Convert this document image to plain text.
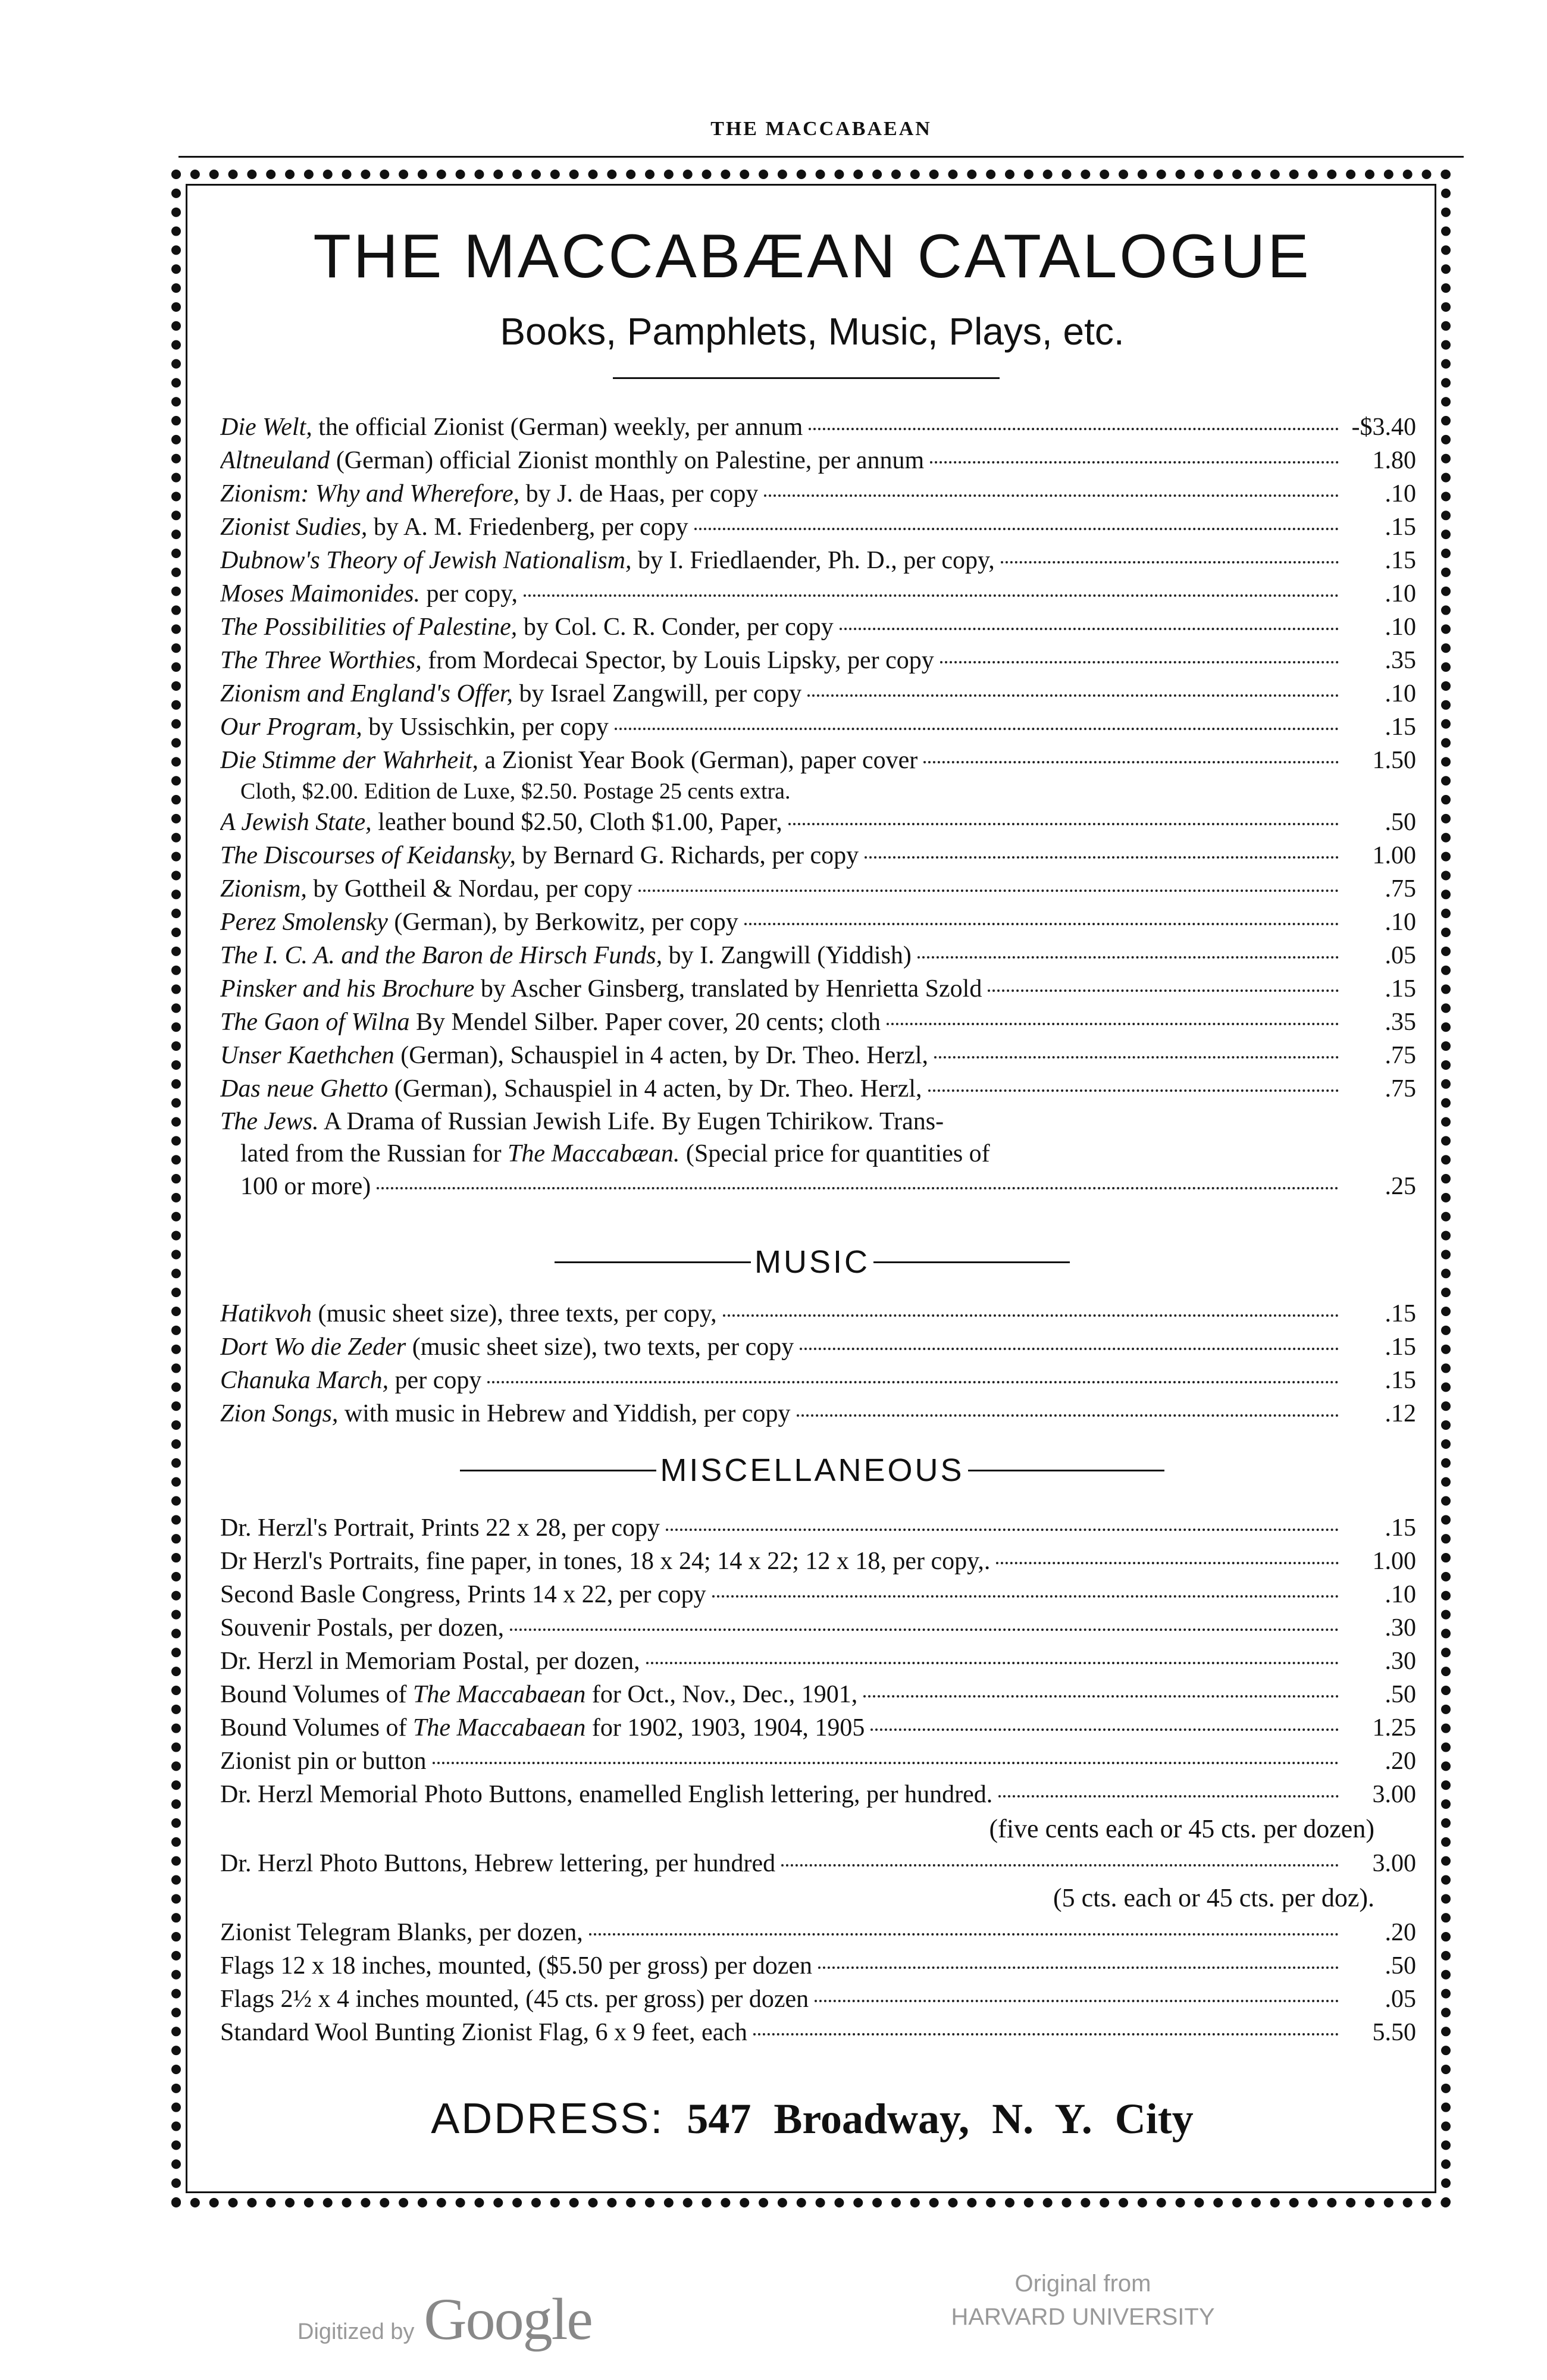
THE MACCABAEAN
THE MACCABÆAN CATALOGUE
Books, Pamphlets, Music, Plays, etc.
Die Welt, the official Zionist (German) weekly, per annum	-$3.40
Altneuland (German) official Zionist monthly on Palestine, per annum	1.80
Zionism: Why and Wherefore, by J. de Haas, per copy	.10
Zionist Sudies, by A. M. Friedenberg, per copy	.15
Dubnow's Theory of Jewish Nationalism, by I. Friedlaender, Ph. D., per copy,	.15
Moses Maimonides. per copy,	.10
The Possibilities of Palestine, by Col. C. R. Conder, per copy	.10
The Three Worthies, from Mordecai Spector, by Louis Lipsky, per copy	.35
Zionism and England's Offer, by Israel Zangwill, per copy	.10
Our Program, by Ussischkin, per copy	.15
Die Stimme der Wahrheit, a Zionist Year Book (German), paper cover	1.50
Cloth, $2.00. Edition de Luxe, $2.50. Postage 25 cents extra.
A Jewish State, leather bound $2.50, Cloth $1.00, Paper,	.50
The Discourses of Keidansky, by Bernard G. Richards, per copy	1.00
Zionism, by Gottheil & Nordau, per copy	.75
Perez Smolensky (German), by Berkowitz, per copy	.10
The I. C. A. and the Baron de Hirsch Funds, by I. Zangwill (Yiddish)	.05
Pinsker and his Brochure by Ascher Ginsberg, translated by Henrietta Szold	.15
The Gaon of Wilna By Mendel Silber. Paper cover, 20 cents; cloth	.35
Unser Kaethchen (German), Schauspiel in 4 acten, by Dr. Theo. Herzl,	.75
Das neue Ghetto (German), Schauspiel in 4 acten, by Dr. Theo. Herzl,	.75
The Jews. A Drama of Russian Jewish Life. By Eugen Tchirikow. Trans-
lated from the Russian for The Maccabæan. (Special price for quantities of
100 or more)	.25
MUSIC
Hatikvoh (music sheet size), three texts, per copy,	.15
Dort Wo die Zeder (music sheet size), two texts, per copy	.15
Chanuka March, per copy	.15
Zion Songs, with music in Hebrew and Yiddish, per copy	.12
MISCELLANEOUS
Dr. Herzl's Portrait, Prints 22 x 28, per copy	.15
Dr Herzl's Portraits, fine paper, in tones, 18 x 24; 14 x 22; 12 x 18, per copy,.	1.00
Second Basle Congress, Prints 14 x 22, per copy	.10
Souvenir Postals, per dozen,	.30
Dr. Herzl in Memoriam Postal, per dozen,	.30
Bound Volumes of The Maccabaean for Oct., Nov., Dec., 1901,	.50
Bound Volumes of The Maccabaean for 1902, 1903, 1904, 1905	1.25
Zionist pin or button	.20
Dr. Herzl Memorial Photo Buttons, enamelled English lettering, per hundred.	3.00
(five cents each or 45 cts. per dozen)
Dr. Herzl Photo Buttons, Hebrew lettering, per hundred	3.00
(5 cts. each or 45 cts. per doz).
Zionist Telegram Blanks, per dozen,	.20
Flags 12 x 18 inches, mounted, ($5.50 per gross) per dozen	.50
Flags 2½ x 4 inches mounted, (45 cts. per gross) per dozen	.05
Standard Wool Bunting Zionist Flag, 6 x 9 feet, each	5.50
ADDRESS: 547 Broadway, N. Y. City
Digitized by Google
Original from
HARVARD UNIVERSITY
